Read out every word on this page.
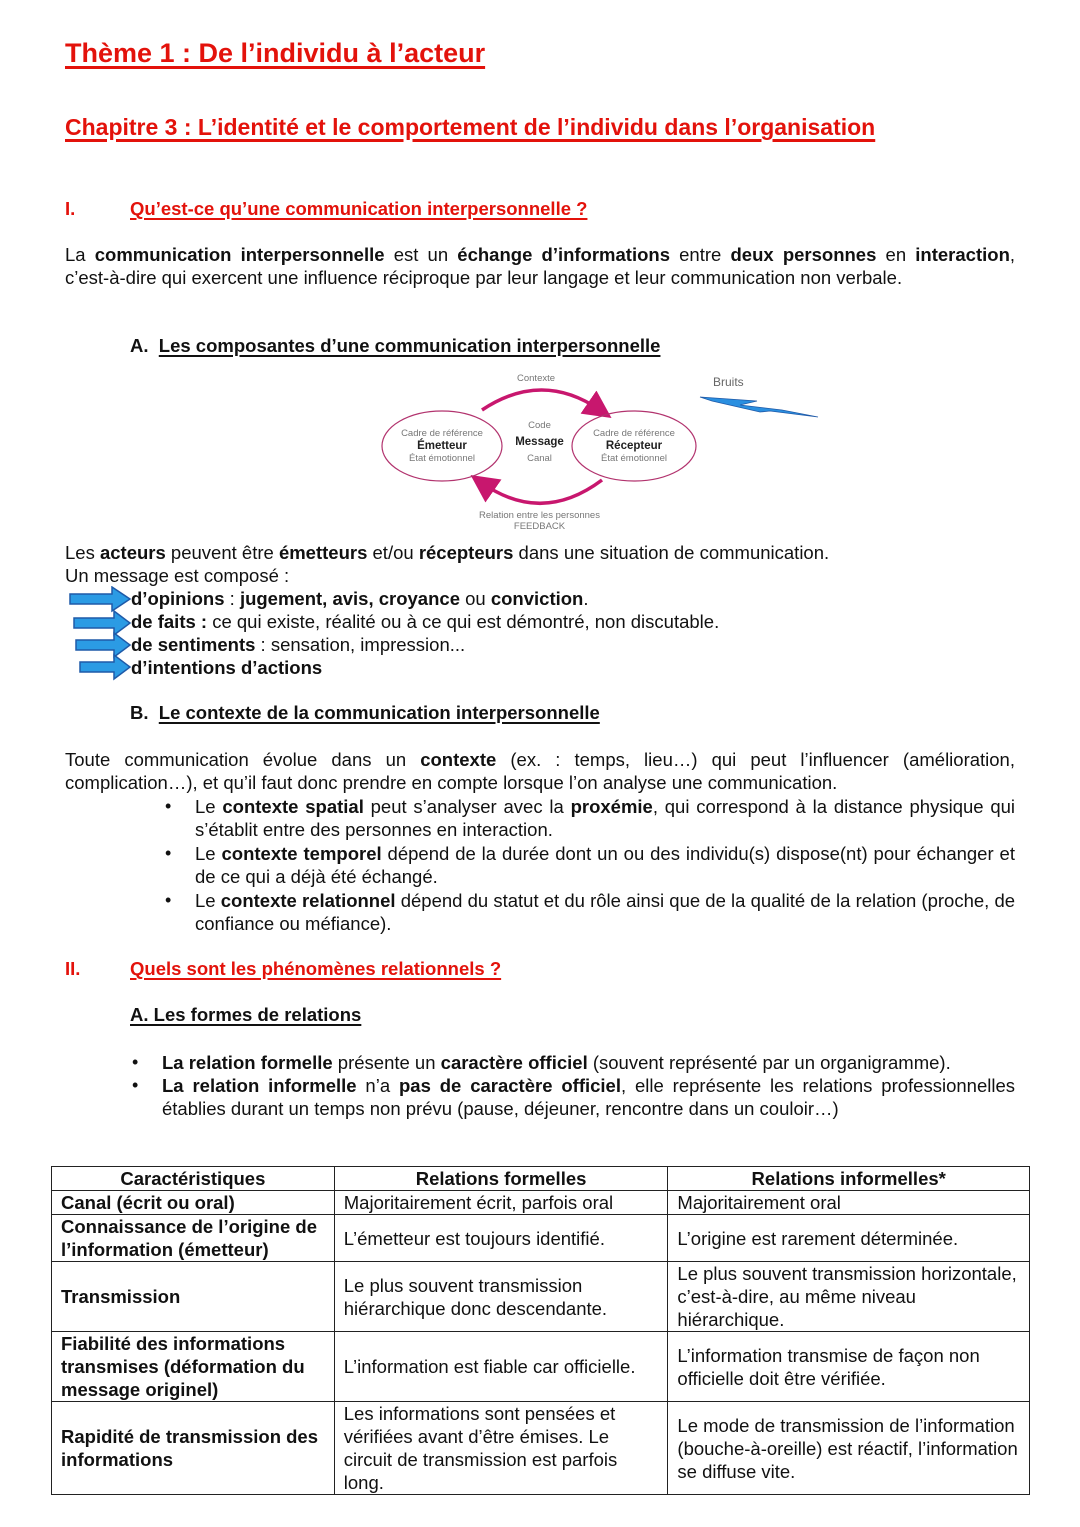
Thème 1 : De l’individu à l’acteur
Chapitre 3 : L’identité et le comportement de l’individu dans l’organisation
I.	Qu’est-ce qu’une communication interpersonnelle ?
La communication interpersonnelle est un échange d’informations entre deux personnes en interaction, c’est-à-dire qui exercent une influence réciproque par leur langage et leur communication non verbale.
A. Les composantes d’une communication interpersonnelle
Contexte	Bruits
Cadre de référence
Émetteur
État émotionnel
Code
Message
Canal
Cadre de référence
Récepteur
État émotionnel
Relation entre les personnes
FEEDBACK
Les acteurs peuvent être émetteurs et/ou récepteurs dans une situation de communication.
Un message est composé :
d’opinions : jugement, avis, croyance ou conviction.
de faits : ce qui existe, réalité ou à ce qui est démontré, non discutable.
de sentiments : sensation, impression...
d’intentions d’actions
B. Le contexte de la communication interpersonnelle
Toute communication évolue dans un contexte (ex. : temps, lieu…) qui peut l’influencer (amélioration, complication…), et qu’il faut donc prendre en compte lorsque l’on analyse une communication.
• Le contexte spatial peut s’analyser avec la proxémie, qui correspond à la distance physique qui s’établit entre des personnes en interaction.
• Le contexte temporel dépend de la durée dont un ou des individu(s) dispose(nt) pour échanger et de ce qui a déjà été échangé.
• Le contexte relationnel dépend du statut et du rôle ainsi que de la qualité de la relation (proche, de confiance ou méfiance).
II.	Quels sont les phénomènes relationnels ?
A. Les formes de relations
• La relation formelle présente un caractère officiel (souvent représenté par un organigramme).
• La relation informelle n’a pas de caractère officiel, elle représente les relations professionnelles établies durant un temps non prévu (pause, déjeuner, rencontre dans un couloir…)
Caractéristiques	Relations formelles	Relations informelles*
Canal (écrit ou oral)	Majoritairement écrit, parfois oral	Majoritairement oral
Connaissance de l’origine de l’information (émetteur)	L’émetteur est toujours identifié.	L’origine est rarement déterminée.
Transmission	Le plus souvent transmission hiérarchique donc descendante.	Le plus souvent transmission horizontale, c’est-à-dire, au même niveau hiérarchique.
Fiabilité des informations transmises (déformation du message originel)	L’information est fiable car officielle.	L’information transmise de façon non officielle doit être vérifiée.
Rapidité de transmission des informations	Les informations sont pensées et vérifiées avant d’être émises. Le circuit de transmission est parfois long.	Le mode de transmission de l’information (bouche-à-oreille) est réactif, l’information se diffuse vite.
